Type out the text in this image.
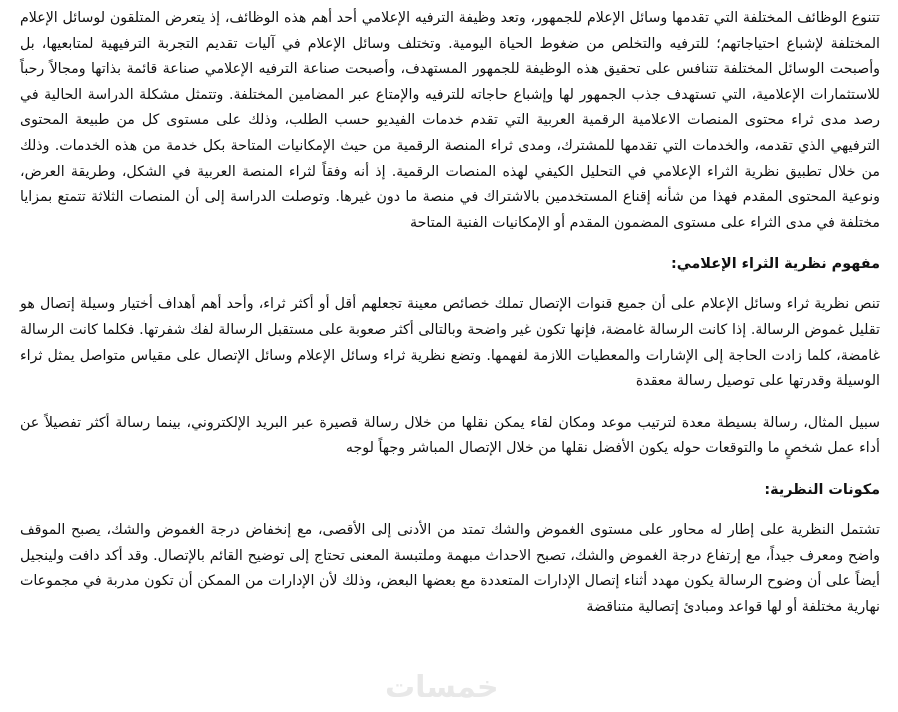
تتنوع الوظائف المختلفة التي تقدمها وسائل الإعلام للجمهور، وتعد وظيفة الترفيه الإعلامي أحد أهم هذه الوظائف، إذ يتعرض المتلقون لوسائل الإعلام المختلفة لإشباع احتياجاتهم؛ للترفيه والتخلص من ضغوط الحياة اليومية. وتختلف وسائل الإعلام في آليات تقديم التجربة الترفيهية لمتابعيها، بل وأصبحت الوسائل المختلفة تتنافس على تحقيق هذه الوظيفة للجمهور المستهدف، وأصبحت صناعة الترفيه الإعلامي صناعة قائمة بذاتها ومجالاً رحباً للاستثمارات الإعلامية، التي تستهدف جذب الجمهور لها وإشباع حاجاته للترفيه والإمتاع عبر المضامين المختلفة. وتتمثل مشكلة الدراسة الحالية في رصد مدى ثراء محتوى المنصات الاعلامية الرقمية العربية التي تقدم خدمات الفيديو حسب الطلب، وذلك على مستوى كل من طبيعة المحتوى الترفيهي الذي تقدمه، والخدمات التي تقدمها للمشترك، ومدى ثراء المنصة الرقمية من حيث الإمكانيات المتاحة بكل خدمة من هذه الخدمات. وذلك من خلال تطبيق نظرية الثراء الإعلامي في التحليل الكيفي لهذه المنصات الرقمية. إذ أنه وفقاً لثراء المنصة العربية في الشكل، وطريقة العرض، ونوعية المحتوى المقدم فهذا من شأنه إقناع المستخدمين بالاشتراك في منصة ما دون غيرها. وتوصلت الدراسة إلى أن المنصات الثلاثة تتمتع بمزايا مختلفة في مدى الثراء على مستوى المضمون المقدم أو الإمكانيات الفنية المتاحة

مفهوم نظرية الثراء الإعلامي:

تنص نظرية ثراء وسائل الإعلام على أن جميع قنوات الإتصال تملك خصائص معينة تجعلهم أقل أو أكثر ثراء، وأحد أهم أهداف أختيار وسيلة إتصال هو تقليل غموض الرسالة. إذا كانت الرسالة غامضة، فإنها تكون غير واضحة وبالتالى أكثر صعوبة على مستقبل الرسالة لفك شفرتها. فكلما كانت الرسالة غامضة، كلما زادت الحاجة إلى الإشارات والمعطيات اللازمة لفهمها. وتضع نظرية ثراء وسائل الإعلام وسائل الإتصال على مقياس متواصل يمثل ثراء الوسيلة وقدرتها على توصيل رسالة معقدة

سبيل المثال، رسالة بسيطة معدة لترتيب موعد ومكان لقاء يمكن نقلها من خلال رسالة قصيرة عبر البريد الإلكتروني، بينما رسالة أكثر تفصيلاً عن أداء عمل شخصٍ ما والتوقعات حوله يكون الأفضل نقلها من خلال الإتصال المباشر وجهاً لوجه

مكونات النظرية:

تشتمل النظرية على إطار له محاور على مستوى الغموض والشك تمتد من الأدنى إلى الأقصى، مع إنخفاض درجة الغموض والشك، يصبح الموقف واضح ومعرف جيداً، مع إرتفاع درجة الغموض والشك، تصبح الاحداث مبهمة وملتبسة المعنى تحتاج إلى توضيح القائم بالإتصال. وقد أكد دافت ولينجيل أيضاً على أن وضوح الرسالة يكون مهدد أثناء إتصال الإدارات المتعددة مع بعضها البعض، وذلك لأن الإدارات من الممكن أن تكون مدربة في مجموعات نهارية مختلفة أو لها قواعد ومبادئ إتصالية متناقضة

خمسات
